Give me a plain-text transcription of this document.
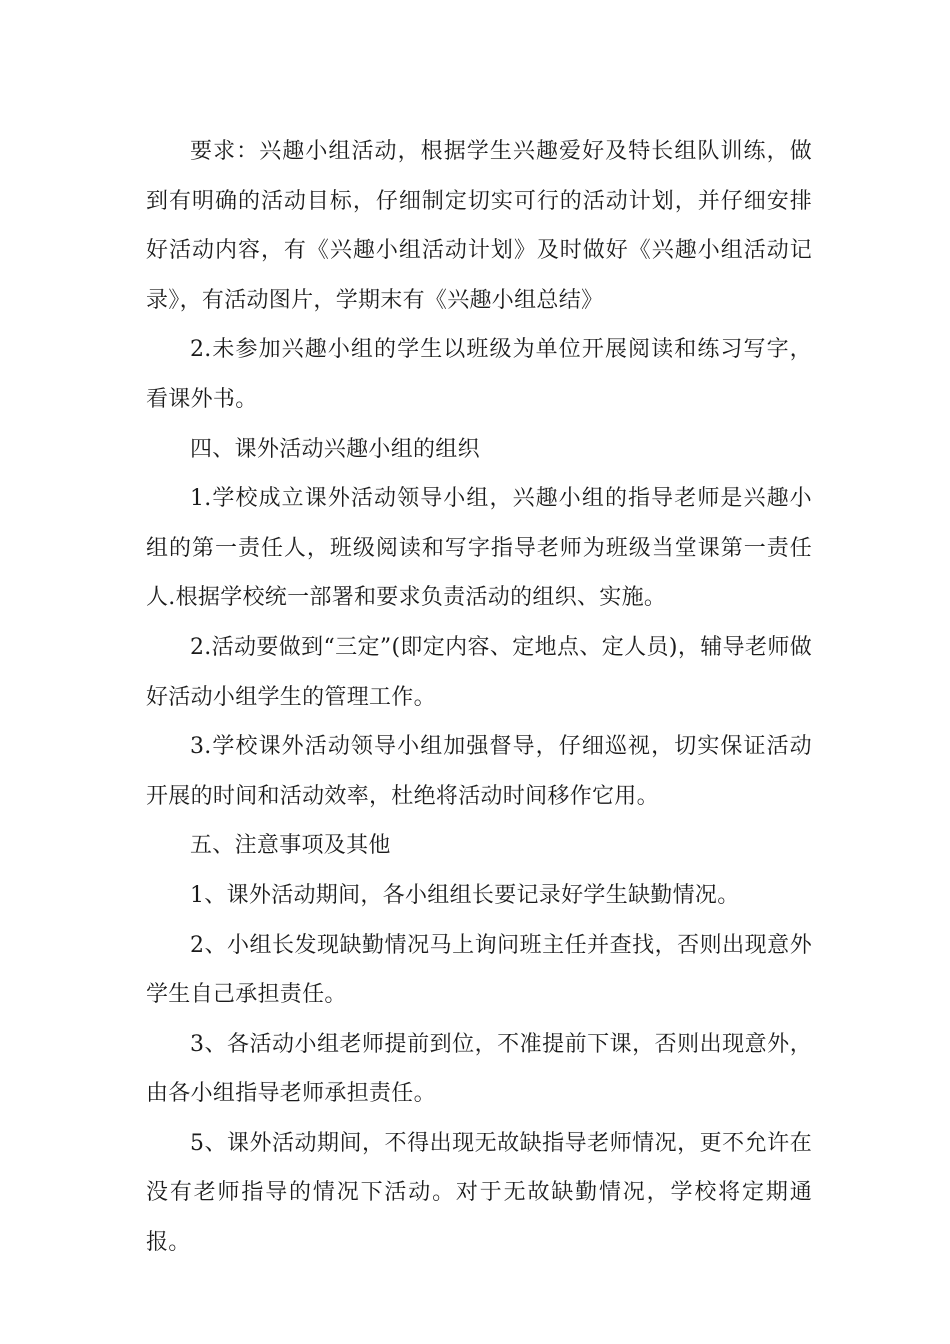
要求：兴趣小组活动，根据学生兴趣爱好及特长组队训练，做到有明确的活动目标，仔细制定切实可行的活动计划，并仔细安排好活动内容，有《兴趣小组活动计划》及时做好《兴趣小组活动记录》，有活动图片，学期末有《兴趣小组总结》

2.未参加兴趣小组的学生以班级为单位开展阅读和练习写字，看课外书。

四、课外活动兴趣小组的组织

1.学校成立课外活动领导小组，兴趣小组的指导老师是兴趣小组的第一责任人，班级阅读和写字指导老师为班级当堂课第一责任人.根据学校统一部署和要求负责活动的组织、实施。

2.活动要做到“三定”(即定内容、定地点、定人员)，辅导老师做好活动小组学生的管理工作。

3.学校课外活动领导小组加强督导，仔细巡视，切实保证活动开展的时间和活动效率，杜绝将活动时间移作它用。

五、注意事项及其他

1、课外活动期间，各小组组长要记录好学生缺勤情况。

2、小组长发现缺勤情况马上询问班主任并查找，否则出现意外学生自己承担责任。

3、各活动小组老师提前到位，不准提前下课，否则出现意外，由各小组指导老师承担责任。

5、课外活动期间，不得出现无故缺指导老师情况，更不允许在没有老师指导的情况下活动。对于无故缺勤情况，学校将定期通报。
